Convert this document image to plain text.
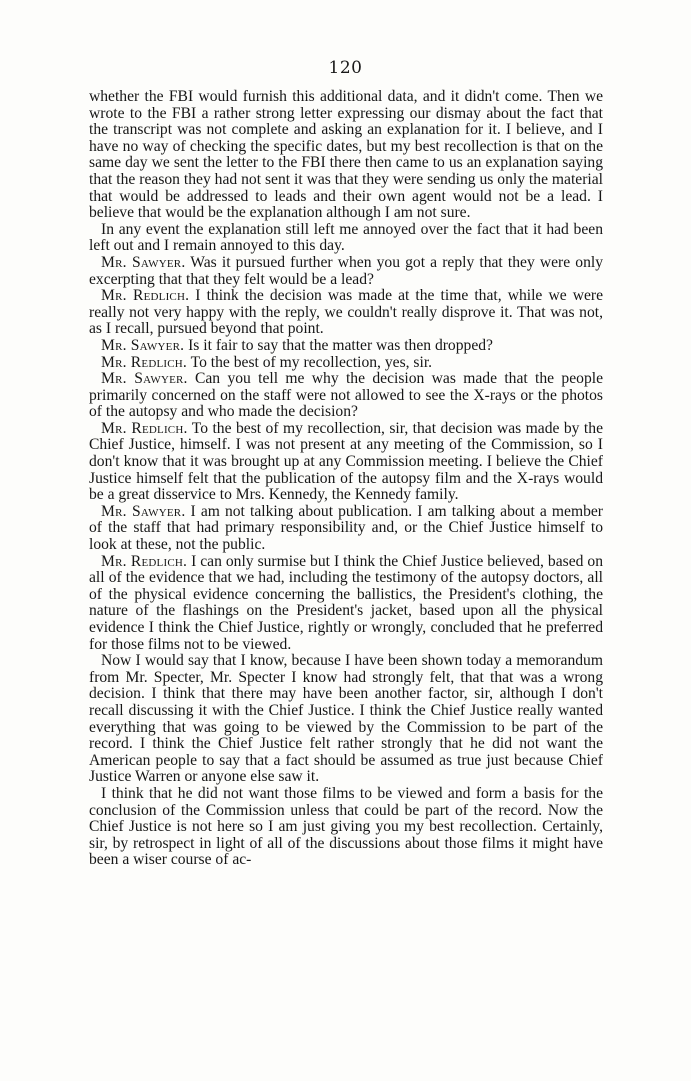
120

whether the FBI would furnish this additional data, and it didn't come. Then we wrote to the FBI a rather strong letter expressing our dismay about the fact that the transcript was not complete and asking an explanation for it. I believe, and I have no way of checking the specific dates, but my best recollection is that on the same day we sent the letter to the FBI there then came to us an explanation saying that the reason they had not sent it was that they were sending us only the material that would be addressed to leads and their own agent would not be a lead. I believe that would be the explanation although I am not sure.

In any event the explanation still left me annoyed over the fact that it had been left out and I remain annoyed to this day.

Mr. Sawyer. Was it pursued further when you got a reply that they were only excerpting that that they felt would be a lead?

Mr. Redlich. I think the decision was made at the time that, while we were really not very happy with the reply, we couldn't really disprove it. That was not, as I recall, pursued beyond that point.

Mr. Sawyer. Is it fair to say that the matter was then dropped?

Mr. Redlich. To the best of my recollection, yes, sir.

Mr. Sawyer. Can you tell me why the decision was made that the people primarily concerned on the staff were not allowed to see the X-rays or the photos of the autopsy and who made the decision?

Mr. Redlich. To the best of my recollection, sir, that decision was made by the Chief Justice, himself. I was not present at any meeting of the Commission, so I don't know that it was brought up at any Commission meeting. I believe the Chief Justice himself felt that the publication of the autopsy film and the X-rays would be a great disservice to Mrs. Kennedy, the Kennedy family.

Mr. Sawyer. I am not talking about publication. I am talking about a member of the staff that had primary responsibility and, or the Chief Justice himself to look at these, not the public.

Mr. Redlich. I can only surmise but I think the Chief Justice believed, based on all of the evidence that we had, including the testimony of the autopsy doctors, all of the physical evidence concerning the ballistics, the President's clothing, the nature of the flashings on the President's jacket, based upon all the physical evidence I think the Chief Justice, rightly or wrongly, concluded that he preferred for those films not to be viewed.

Now I would say that I know, because I have been shown today a memorandum from Mr. Specter, Mr. Specter I know had strongly felt, that that was a wrong decision. I think that there may have been another factor, sir, although I don't recall discussing it with the Chief Justice. I think the Chief Justice really wanted everything that was going to be viewed by the Commission to be part of the record. I think the Chief Justice felt rather strongly that he did not want the American people to say that a fact should be assumed as true just because Chief Justice Warren or anyone else saw it.

I think that he did not want those films to be viewed and form a basis for the conclusion of the Commission unless that could be part of the record. Now the Chief Justice is not here so I am just giving you my best recollection. Certainly, sir, by retrospect in light of all of the discussions about those films it might have been a wiser course of ac-
